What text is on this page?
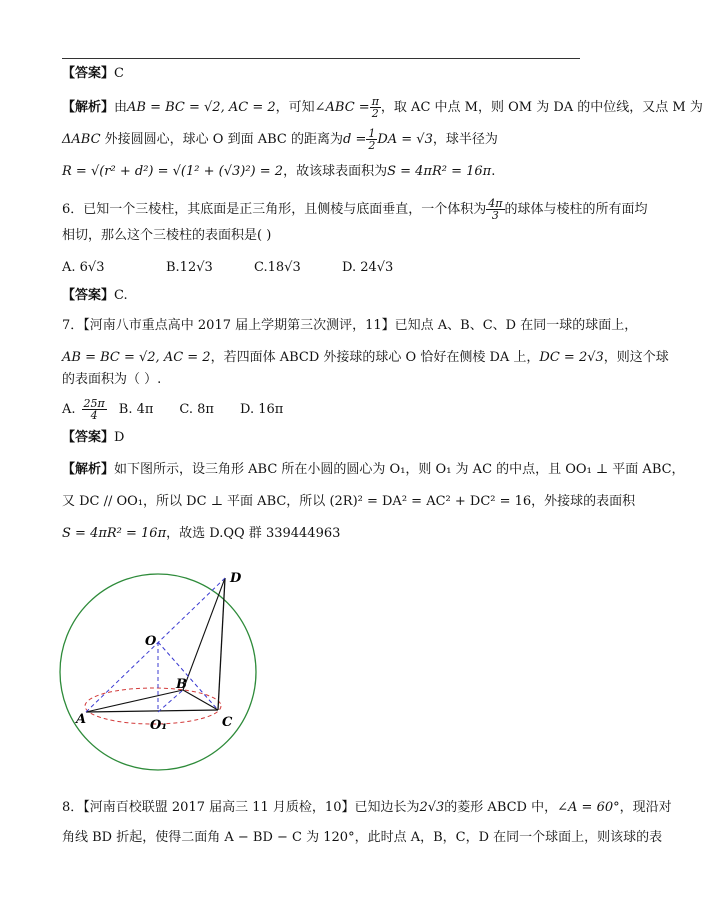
【答案】C
【解析】由AB = BC = √2, AC = 2，可知∠ABC = $\frac{\pi}{2}$ ，取 AC 中点 M，则 OM 为 DA 的中位线，又点 M 为
ΔABC 外接圆圆心，球心 O 到面 ABC 的距离为$d = \frac{1}{2}$ DA = √3，球半径为
R = √(r² + d²) = √(1² + (√3)²) = 2，故该球表面积为S = 4πR² = 16π.
6．已知一个三棱柱，其底面是正三角形，且侧棱与底面垂直，一个体积为 $\frac{4\pi}{3}$ 的球体与棱柱的所有面均
相切，那么这个三棱柱的表面积是( )
A. 6√3	B.12√3	C.18√3	D. 24√3
【答案】C.
7．【河南八市重点高中 2017 届上学期第三次测评，11】已知点 A、B、C、D 在同一球的球面上，
AB = BC = √2, AC = 2，若四面体 ABCD 外接球的球心 O 恰好在侧棱 DA 上，DC = 2√3，则这个球
的表面积为（ ）.
A. $\frac{25\pi}{4} B$. 4π C. 8π D. 16π
【答案】D
【解析】如下图所示，设三角形 ABC 所在小圆的圆心为 O₁，则 O₁ 为 AC 的中点，且 OO₁ ⊥ 平面 ABC，
又 DC // OO₁，所以 DC ⊥ 平面 ABC，所以 (2R)² = DA² = AC² + DC² = 16，外接球的表面积
S = 4πR² = 16π，故选 D.QQ 群 339444963
D
O
B
A	C
O₁
8．【河南百校联盟 2017 届高三 11 月质检，10】已知边长为2√3的菱形 ABCD 中，∠A = 60°，现沿对
角线 BD 折起，使得二面角 A − BD − C 为 120°，此时点 A，B，C，D 在同一个球面上，则该球的表
